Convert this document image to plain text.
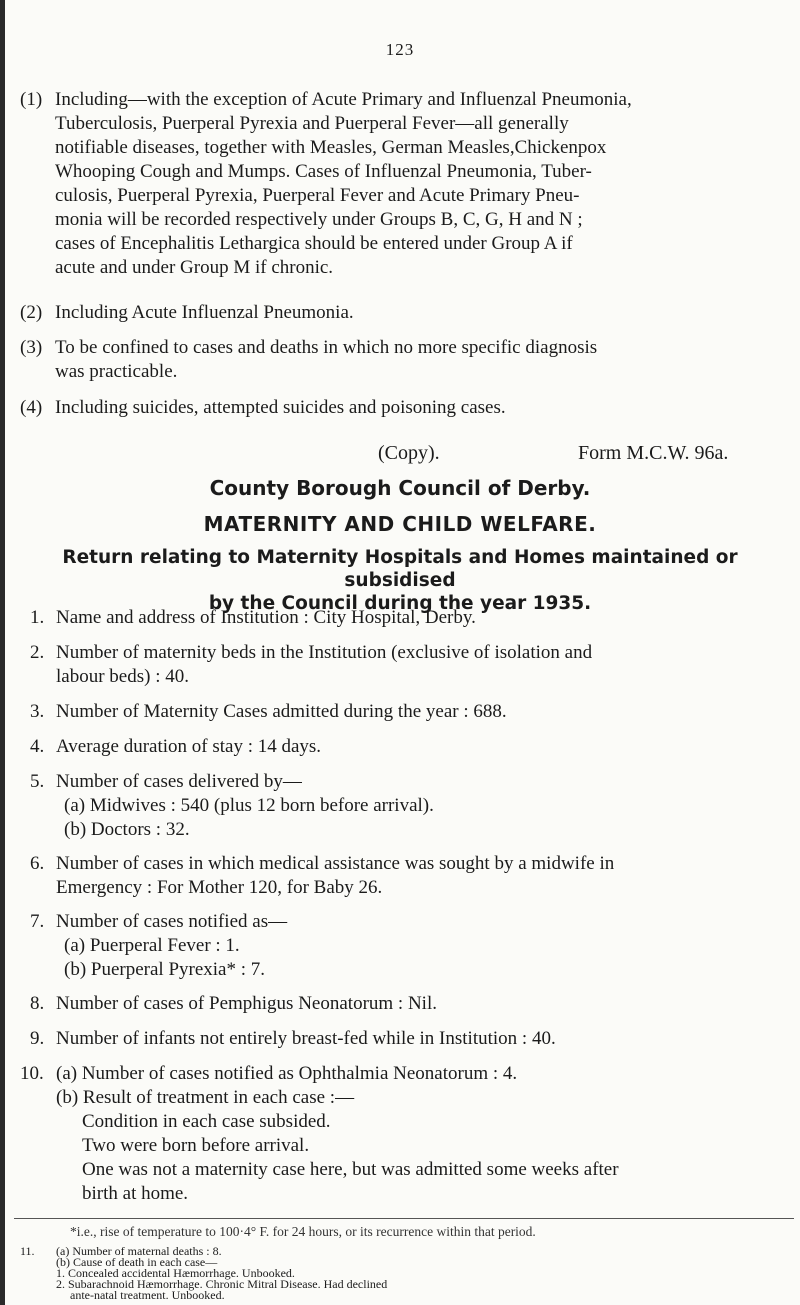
123
(1) Including—with the exception of Acute Primary and Influenzal Pneumonia,
Tuberculosis, Puerperal Pyrexia and Puerperal Fever—all generally
notifiable diseases, together with Measles, German Measles,Chickenpox
Whooping Cough and Mumps. Cases of Influenzal Pneumonia, Tuber-
culosis, Puerperal Pyrexia, Puerperal Fever and Acute Primary Pneu-
monia will be recorded respectively under Groups B, C, G, H and N ;
cases of Encephalitis Lethargica should be entered under Group A if
acute and under Group M if chronic.
(2) Including Acute Influenzal Pneumonia.
(3) To be confined to cases and deaths in which no more specific diagnosis
was practicable.
(4) Including suicides, attempted suicides and poisoning cases.
(Copy).	Form M.C.W. 96a.
County Borough Council of Derby.
MATERNITY AND CHILD WELFARE.
Return relating to Maternity Hospitals and Homes maintained or subsidised
by the Council during the year 1935.
1. Name and address of Institution : City Hospital, Derby.
2. Number of maternity beds in the Institution (exclusive of isolation and
labour beds) : 40.
3. Number of Maternity Cases admitted during the year : 688.
4. Average duration of stay : 14 days.
5. Number of cases delivered by—
(a) Midwives : 540 (plus 12 born before arrival).
(b) Doctors : 32.
6. Number of cases in which medical assistance was sought by a midwife in
Emergency : For Mother 120, for Baby 26.
7. Number of cases notified as—
(a) Puerperal Fever : 1.
(b) Puerperal Pyrexia* : 7.
8. Number of cases of Pemphigus Neonatorum : Nil.
9. Number of infants not entirely breast-fed while in Institution : 40.
10. (a) Number of cases notified as Ophthalmia Neonatorum : 4.
(b) Result of treatment in each case :—
Condition in each case subsided.
Two were born before arrival.
One was not a maternity case here, but was admitted some weeks after
birth at home.
*i.e., rise of temperature to 100·4° F. for 24 hours, or its recurrence within that period.
11. (a) Number of maternal deaths : 8.
(b) Cause of death in each case—
1. Concealed accidental Hæmorrhage. Unbooked.
2. Subarachnoid Hæmorrhage. Chronic Mitral Disease. Had declined
ante-natal treatment. Unbooked.
